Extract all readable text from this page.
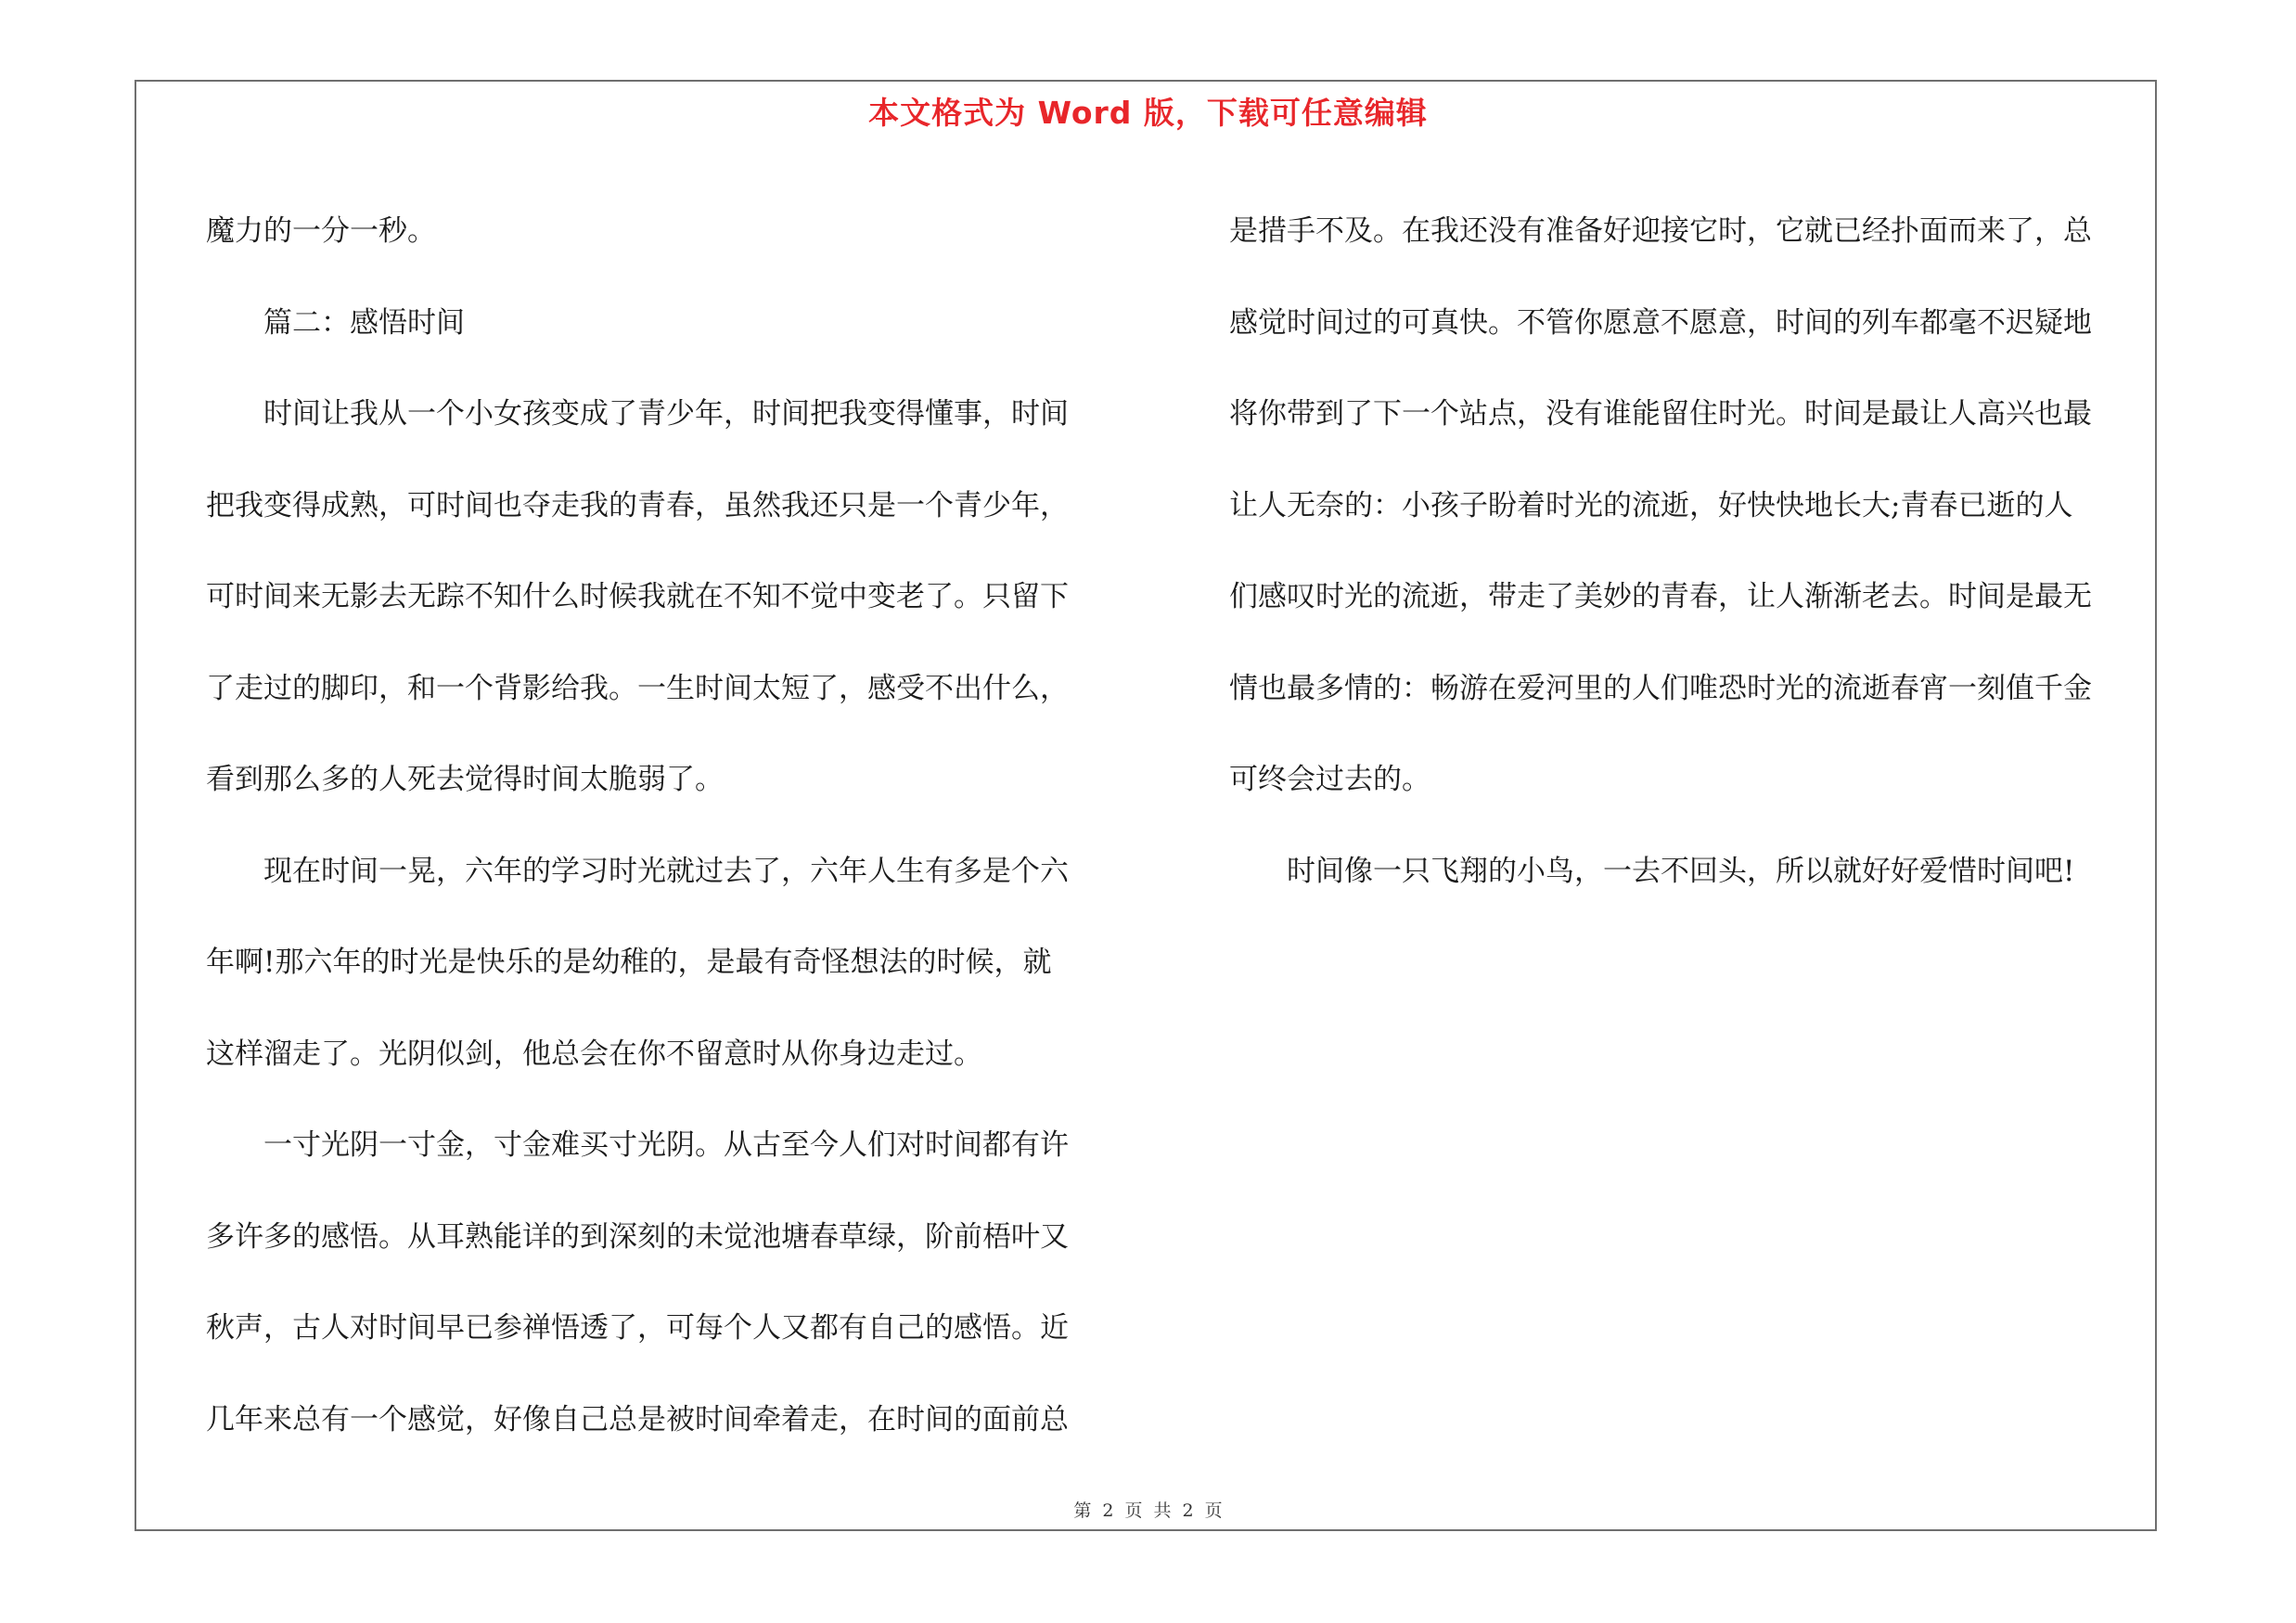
本文格式为 Word 版，下载可任意编辑

魔力的一分一秒。

篇二：感悟时间

时间让我从一个小女孩变成了青少年，时间把我变得懂事，时间

把我变得成熟，可时间也夺走我的青春，虽然我还只是一个青少年，

可时间来无影去无踪不知什么时候我就在不知不觉中变老了。只留下

了走过的脚印，和一个背影给我。一生时间太短了，感受不出什么，

看到那么多的人死去觉得时间太脆弱了。

现在时间一晃，六年的学习时光就过去了，六年人生有多是个六

年啊!那六年的时光是快乐的是幼稚的，是最有奇怪想法的时候，就

这样溜走了。光阴似剑，他总会在你不留意时从你身边走过。

一寸光阴一寸金，寸金难买寸光阴。从古至今人们对时间都有许

多许多的感悟。从耳熟能详的到深刻的未觉池塘春草绿，阶前梧叶又

秋声，古人对时间早已参禅悟透了，可每个人又都有自己的感悟。近

几年来总有一个感觉，好像自己总是被时间牵着走，在时间的面前总

是措手不及。在我还没有准备好迎接它时，它就已经扑面而来了，总

感觉时间过的可真快。不管你愿意不愿意，时间的列车都毫不迟疑地

将你带到了下一个站点，没有谁能留住时光。时间是最让人高兴也最

让人无奈的：小孩子盼着时光的流逝，好快快地长大;青春已逝的人

们感叹时光的流逝，带走了美妙的青春，让人渐渐老去。时间是最无

情也最多情的：畅游在爱河里的人们唯恐时光的流逝春宵一刻值千金

可终会过去的。

时间像一只飞翔的小鸟，一去不回头，所以就好好爱惜时间吧!

第 2 页 共 2 页
